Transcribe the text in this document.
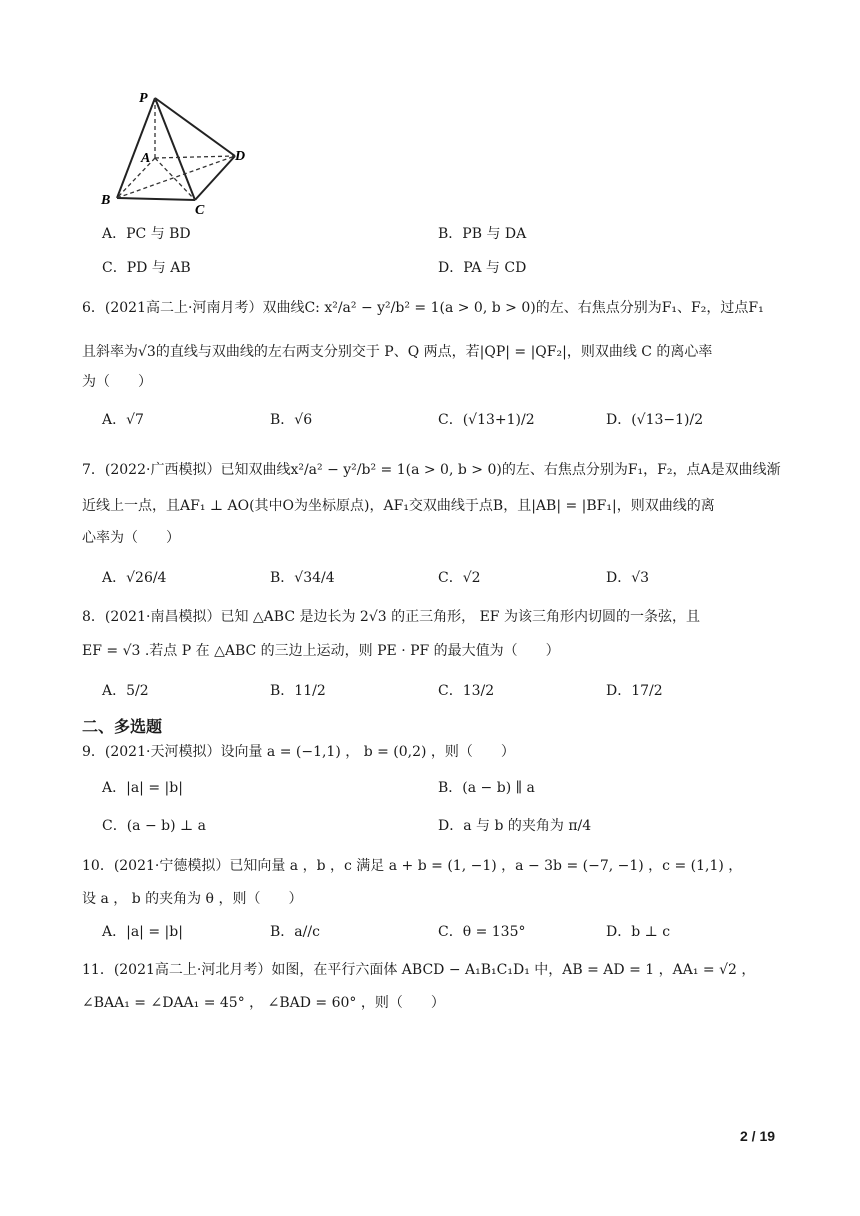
P
A
B
C
D
A．PC 与 BD	B．PB 与 DA
C．PD 与 AB	D．PA 与 CD
6．(2021高二上·河南月考）双曲线C: x²/a² − y²/b² = 1(a > 0, b > 0)的左、右焦点分别为F₁、F₂，过点F₁
且斜率为√3的直线与双曲线的左右两支分别交于 P、Q 两点，若|QP| = |QF₂|，则双曲线 C 的离心率
为（　　）
A．√7	B．√6	C．(√13+1)/2	D．(√13−1)/2
7．(2022·广西模拟）已知双曲线x²/a² − y²/b² = 1(a > 0, b > 0)的左、右焦点分别为F₁，F₂，点A是双曲线渐
近线上一点，且AF₁ ⊥ AO(其中O为坐标原点)，AF₁交双曲线于点B，且|AB| = |BF₁|，则双曲线的离
心率为（　　）
A．√26/4	B．√34/4	C．√2	D．√3
8．(2021·南昌模拟）已知 △ABC 是边长为 2√3 的正三角形， EF 为该三角形内切圆的一条弦，且
EF = √3 .若点 P 在 △ABC 的三边上运动，则 PE · PF 的最大值为（　　）
A．5/2	B．11/2	C．13/2	D．17/2
二、多选题
9．(2021·天河模拟）设向量 a = (−1,1) ， b = (0,2) ，则（　　）
A．|a| = |b|	B．(a − b) ∥ a
C．(a − b) ⊥ a	D．a 与 b 的夹角为 π/4
10．(2021·宁德模拟）已知向量 a ，b ，c 满足 a + b = (1, −1) ，a − 3b = (−7, −1) ，c = (1,1) ，
设 a ， b 的夹角为 θ ，则（　　）
A．|a| = |b|	B．a//c	C．θ = 135°	D．b ⊥ c
11．(2021高二上·河北月考）如图，在平行六面体 ABCD − A₁B₁C₁D₁ 中，AB = AD = 1 ，AA₁ = √2 ，
∠BAA₁ = ∠DAA₁ = 45° ， ∠BAD = 60° ，则（　　）
2 / 19
